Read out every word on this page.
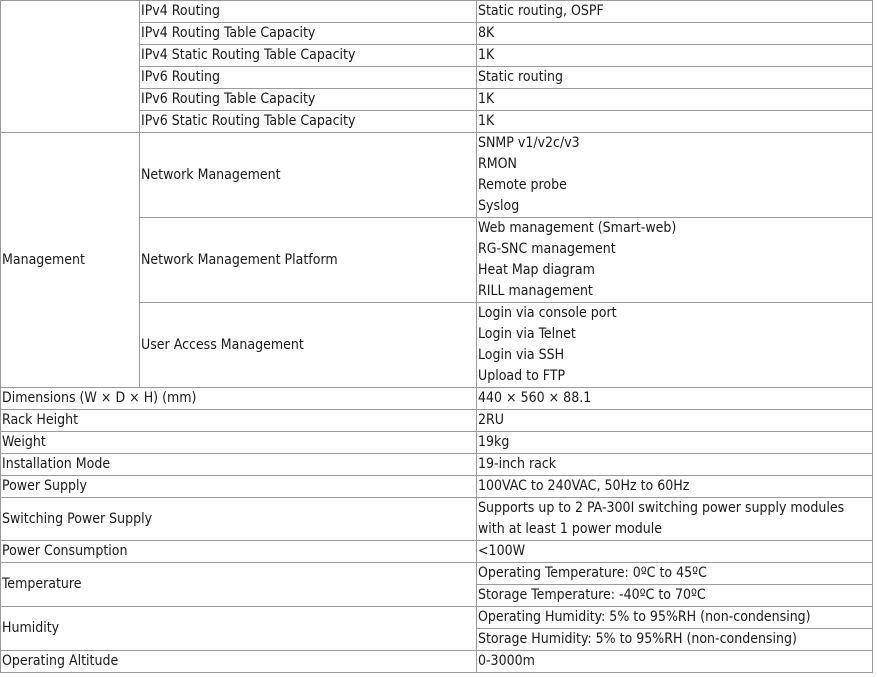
	IPv4 Routing	Static routing, OSPF
	IPv4 Routing Table Capacity	8K
	IPv4 Static Routing Table Capacity	1K
	IPv6 Routing	Static routing
	IPv6 Routing Table Capacity	1K
	IPv6 Static Routing Table Capacity	1K
Management	Network Management	SNMP v1/v2c/v3
RMON
Remote probe
Syslog

	Network Management Platform	Web management (Smart-web)
RG-SNC management
Heat Map diagram
RILL management

	User Access Management	Login via console port
Login via Telnet
Login via SSH
Upload to FTP

Dimensions (W × D × H) (mm)		440 × 560 × 88.1
Rack Height		2RU
Weight		19kg
Installation Mode		19-inch rack
Power Supply		100VAC to 240VAC, 50Hz to 60Hz
Switching Power Supply		Supports up to 2 PA-300I switching power supply modules with at least 1 power module
Power Consumption		<100W
Temperature		Operating Temperature: 0ºC to 45ºC
		Storage Temperature: -40ºC to 70ºC
Humidity		Operating Humidity: 5% to 95%RH (non-condensing)
		Storage Humidity: 5% to 95%RH (non-condensing)
Operating Altitude		0-3000m
